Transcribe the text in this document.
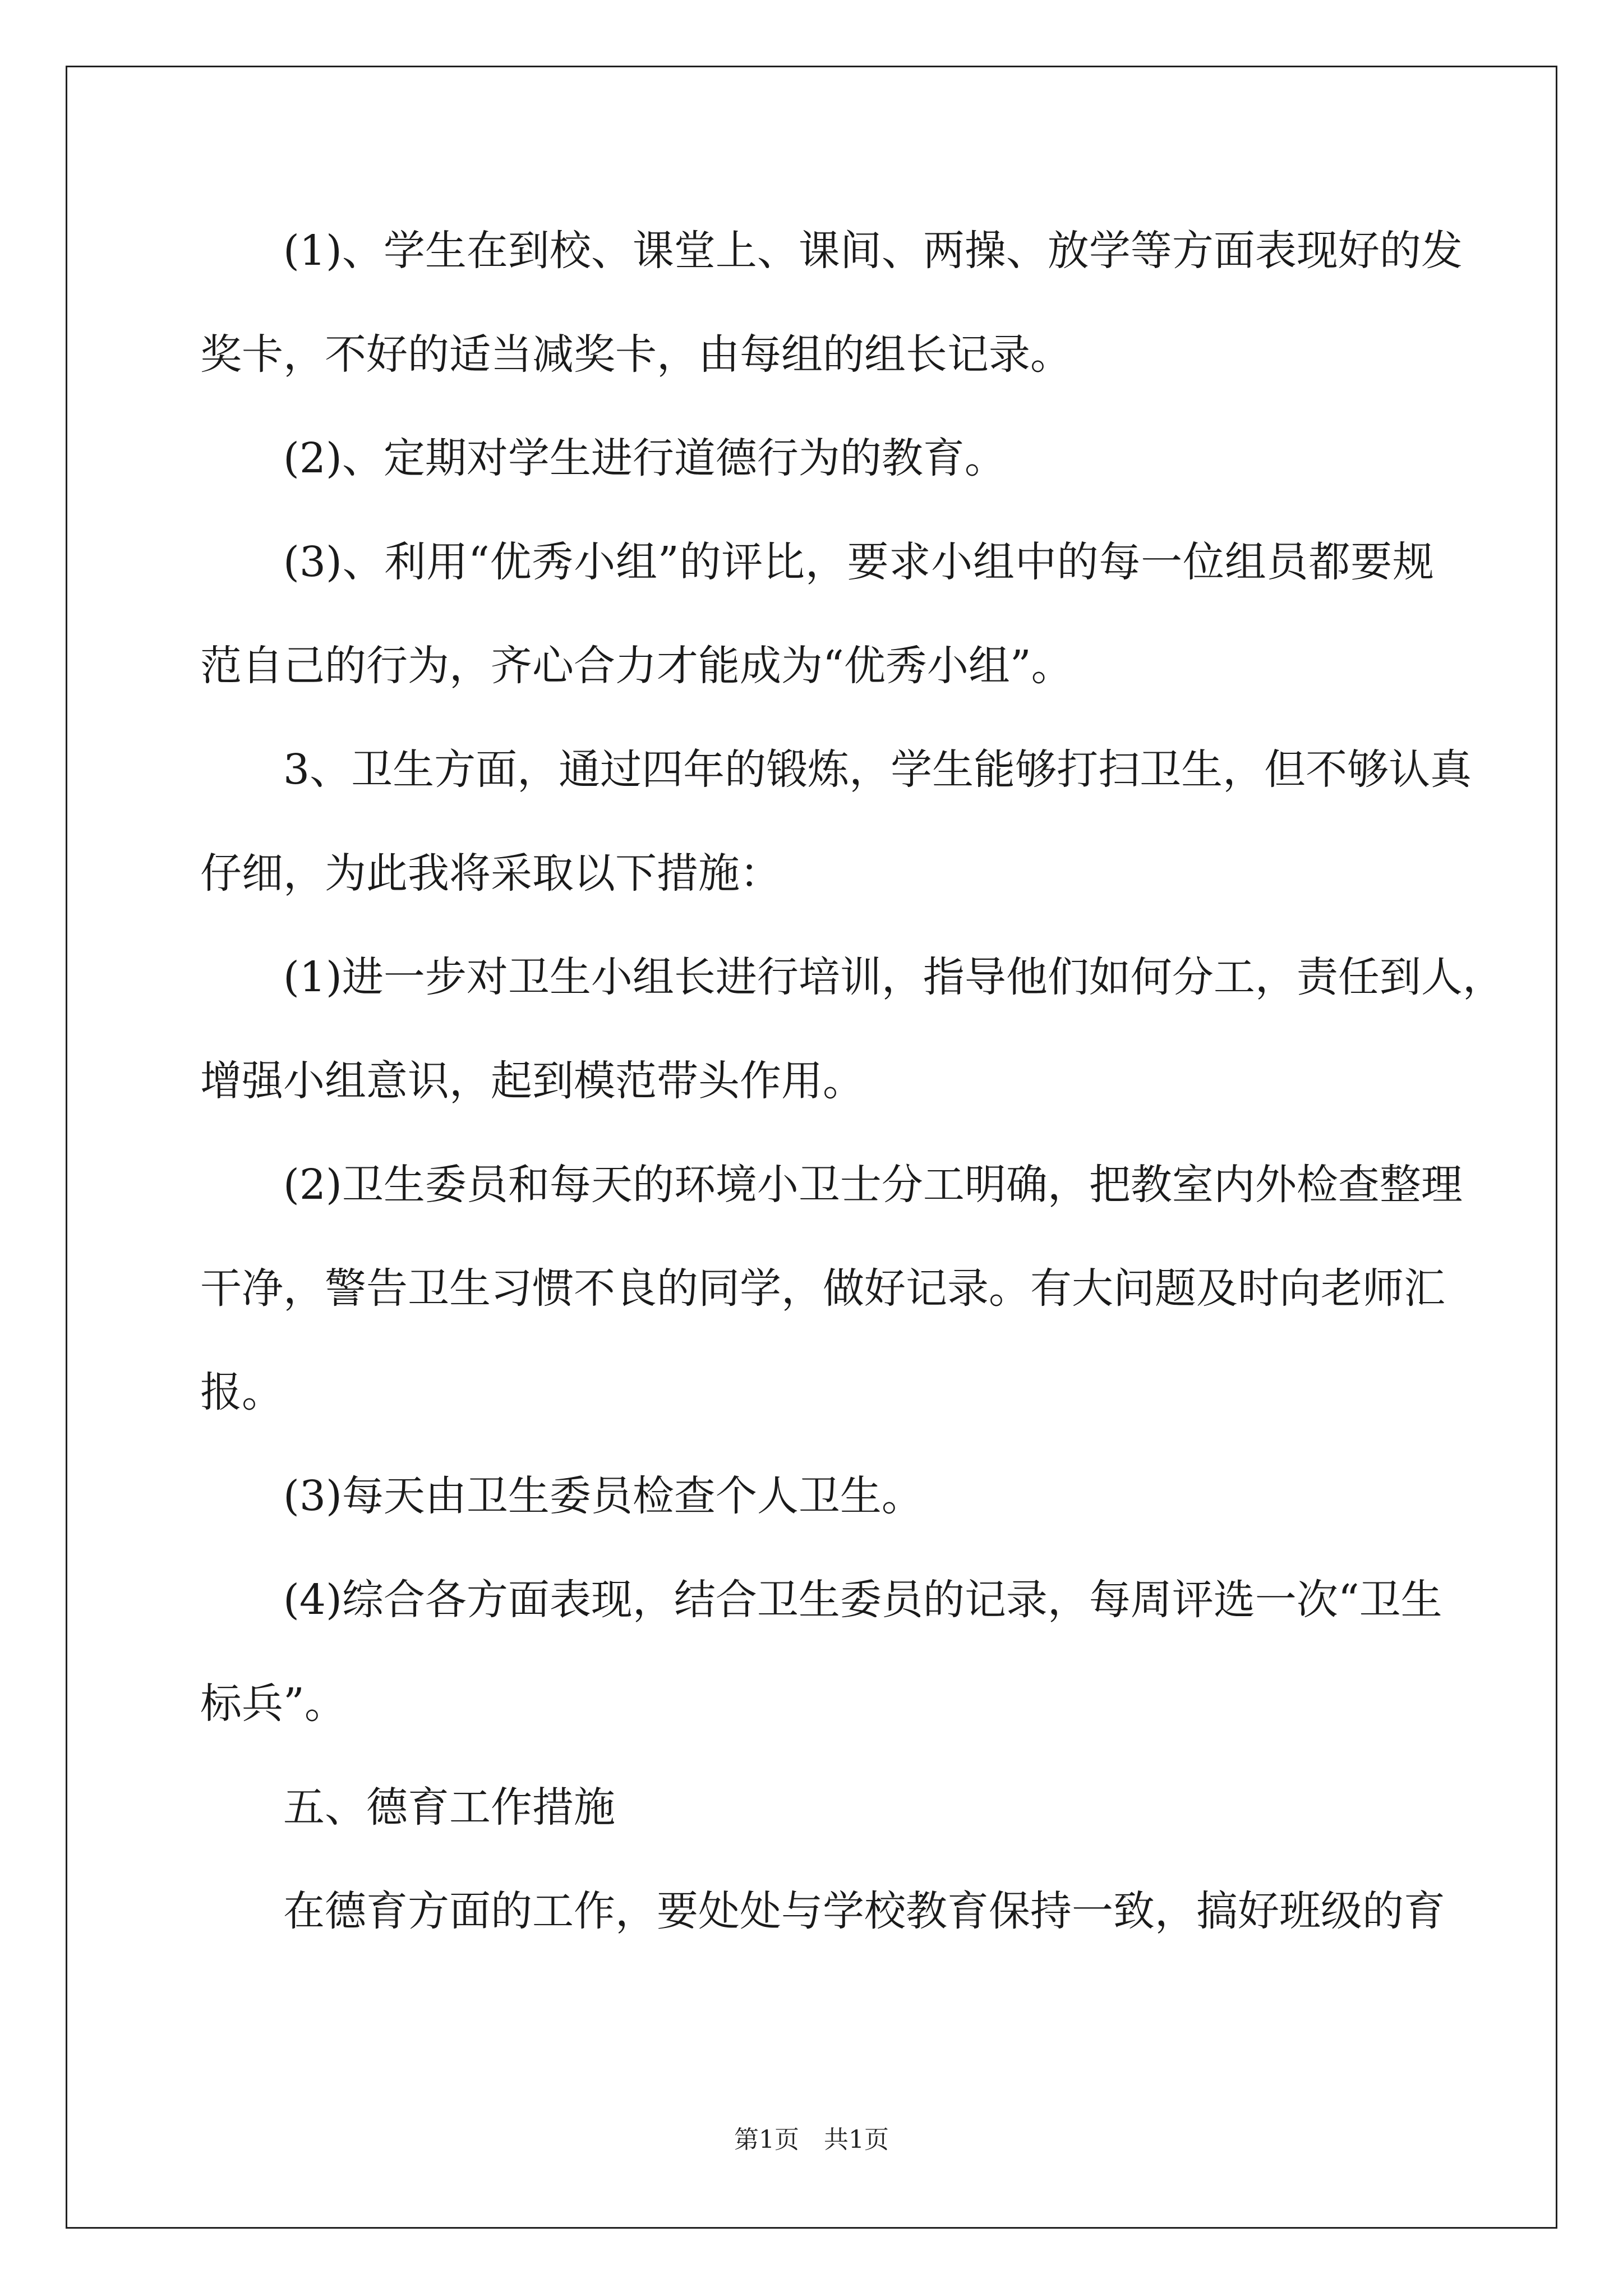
(1)、学生在到校、课堂上、课间、两操、放学等方面表现好的发
奖卡，不好的适当减奖卡，由每组的组长记录。
(2)、定期对学生进行道德行为的教育。
(3)、利用“优秀小组”的评比，要求小组中的每一位组员都要规
范自己的行为，齐心合力才能成为“优秀小组”。
3、卫生方面，通过四年的锻炼，学生能够打扫卫生，但不够认真
仔细，为此我将采取以下措施：
(1)进一步对卫生小组长进行培训，指导他们如何分工，责任到人，
增强小组意识，起到模范带头作用。
(2)卫生委员和每天的环境小卫士分工明确，把教室内外检查整理
干净，警告卫生习惯不良的同学，做好记录。有大问题及时向老师汇
报。
(3)每天由卫生委员检查个人卫生。
(4)综合各方面表现，结合卫生委员的记录，每周评选一次“卫生
标兵”。
五、德育工作措施
在德育方面的工作，要处处与学校教育保持一致，搞好班级的育
第1页　共1页
